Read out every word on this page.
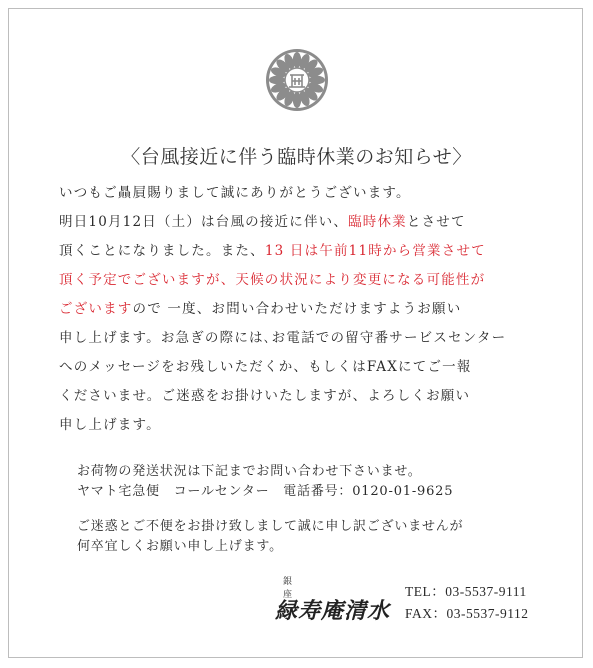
〈台風接近に伴う臨時休業のお知らせ〉
いつもご贔屓賜りまして誠にありがとうございます。
明日10月12日（土）は台風の接近に伴い、臨時休業とさせて
頂くことになりました。また、13 日は午前11時から営業させて
頂く予定でございますが、天候の状況により変更になる可能性が
ございますので 一度、お問い合わせいただけますようお願い
申し上げます。お急ぎの際には､お電話での留守番サービスセンター
へのメッセージをお残しいただくか、もしくはFAXにてご一報
くださいませ。ご迷惑をお掛けいたしますが、よろしくお願い
申し上げます。
お荷物の発送状況は下記までお問い合わせ下さいませ。
ヤマト宅急便　コールセンター　電話番号：0120-01-9625
ご迷惑とご不便をお掛け致しまして誠に申し訳ございませんが
何卒宜しくお願い申し上げます。
銀座
緑寿庵清水
TEL：03-5537-9111
FAX：03-5537-9112
